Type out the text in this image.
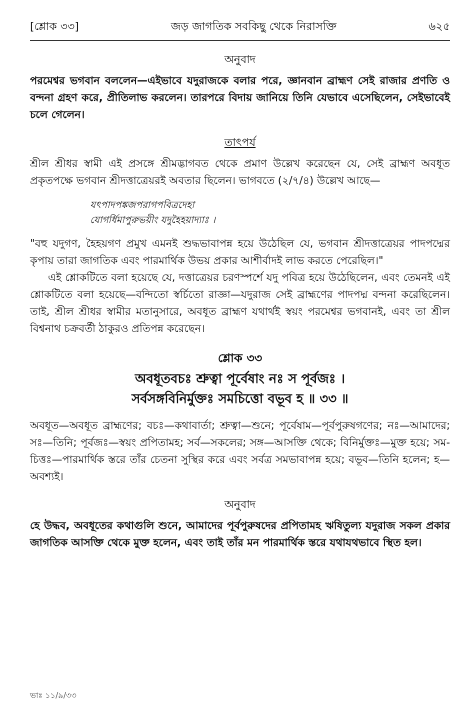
[শ্লোক ৩৩]	জড় জাগতিক সবকিছু থেকে নিরাসক্তি	৬২৫
অনুবাদ

পরমেশ্বর ভগবান বললেন—এইভাবে যদুরাজকে বলার পরে, জ্ঞানবান ব্রাহ্মণ সেই রাজার প্রণতি ও বন্দনা গ্রহণ করে, প্রীতিলাভ করলেন। তারপরে বিদায় জানিয়ে তিনি যেভাবে এসেছিলেন, সেইভাবেই চলে গেলেন।

তাৎপর্য

শ্রীল শ্রীধর স্বামী এই প্রসঙ্গে শ্রীমদ্ভাগবত থেকে প্রমাণ উল্লেখ করেছেন যে, সেই ব্রাহ্মণ অবধূত প্রকৃতপক্ষে ভগবান শ্রীদত্তাত্রেয়রই অবতার ছিলেন। ভাগবতে (২/৭/৪) উল্লেখ আছে—

যৎপাদপঙ্কজপরাগপবিত্রদেহা
যোগর্ধিমাপুরুভয়ীং যদুহৈহয়াদ্যাঃ ।

"বহু যদুগণ, হৈহয়গণ প্রমুখ এমনই শুদ্ধভাবাপন্ন হয়ে উঠেছিল যে, ভগবান শ্রীদত্তাত্রেয়র পাদপদ্মের কৃপায় তারা জাগতিক এবং পারমার্থিক উভয় প্রকার আশীর্বাদই লাভ করতে পেরেছিল।"

এই শ্লোকটিতে বলা হয়েছে যে, দত্তাত্রেয়র চরণস্পর্শে যদু পবিত্র হয়ে উঠেছিলেন, এবং তেমনই এই শ্লোকটিতে বলা হয়েছে—বন্দিতো স্বর্চিতো রাজ্ঞা—যদুরাজ সেই ব্রাহ্মণের পাদপদ্ম বন্দনা করেছিলেন। তাই, শ্রীল শ্রীধর স্বামীর মতানুসারে, অবধূত ব্রাহ্মণ যথার্থই স্বয়ং পরমেশ্বর ভগবানই, এবং তা শ্রীল বিশ্বনাথ চক্রবর্তী ঠাকুরও প্রতিপন্ন করেছেন।

শ্লোক ৩৩
অবধূতবচঃ শ্রুত্বা পূর্বেষাং নঃ স পূর্বজঃ ।
সর্বসঙ্গবিনির্মুক্তঃ সমচিত্তো বভূব হ ॥ ৩৩ ॥

অবধূত—অবধূত ব্রাহ্মণের; বচঃ—কথাবার্তা; শ্রুত্বা—শুনে; পূর্বেষাম—পূর্বপুরুষগণের; নঃ—আমাদের; সঃ—তিনি; পূর্বজঃ—স্বয়ং প্রপিতামহ; সর্ব—সকলের; সঙ্গ—আসক্তি থেকে; বিনির্মুক্তঃ—মুক্ত হয়ে; সম-চিত্তঃ—পারমার্থিক স্তরে তাঁর চেতনা সুস্থির করে এবং সর্বত্র সমভাবাপন্ন হয়ে; বভূব—তিনি হলেন; হ—অবশ্যই।

অনুবাদ

হে উদ্ধব, অবধূতের কথাগুলি শুনে, আমাদের পূর্বপুরুষদের প্রপিতামহ ঋষিতুল্য যদুরাজ সকল প্রকার জাগতিক আসক্তি থেকে মুক্ত হলেন, এবং তাই তাঁর মন পারমার্থিক স্তরে যথাযথভাবে স্থিত হল।

ভাঃ ১১/৯/৩৩
